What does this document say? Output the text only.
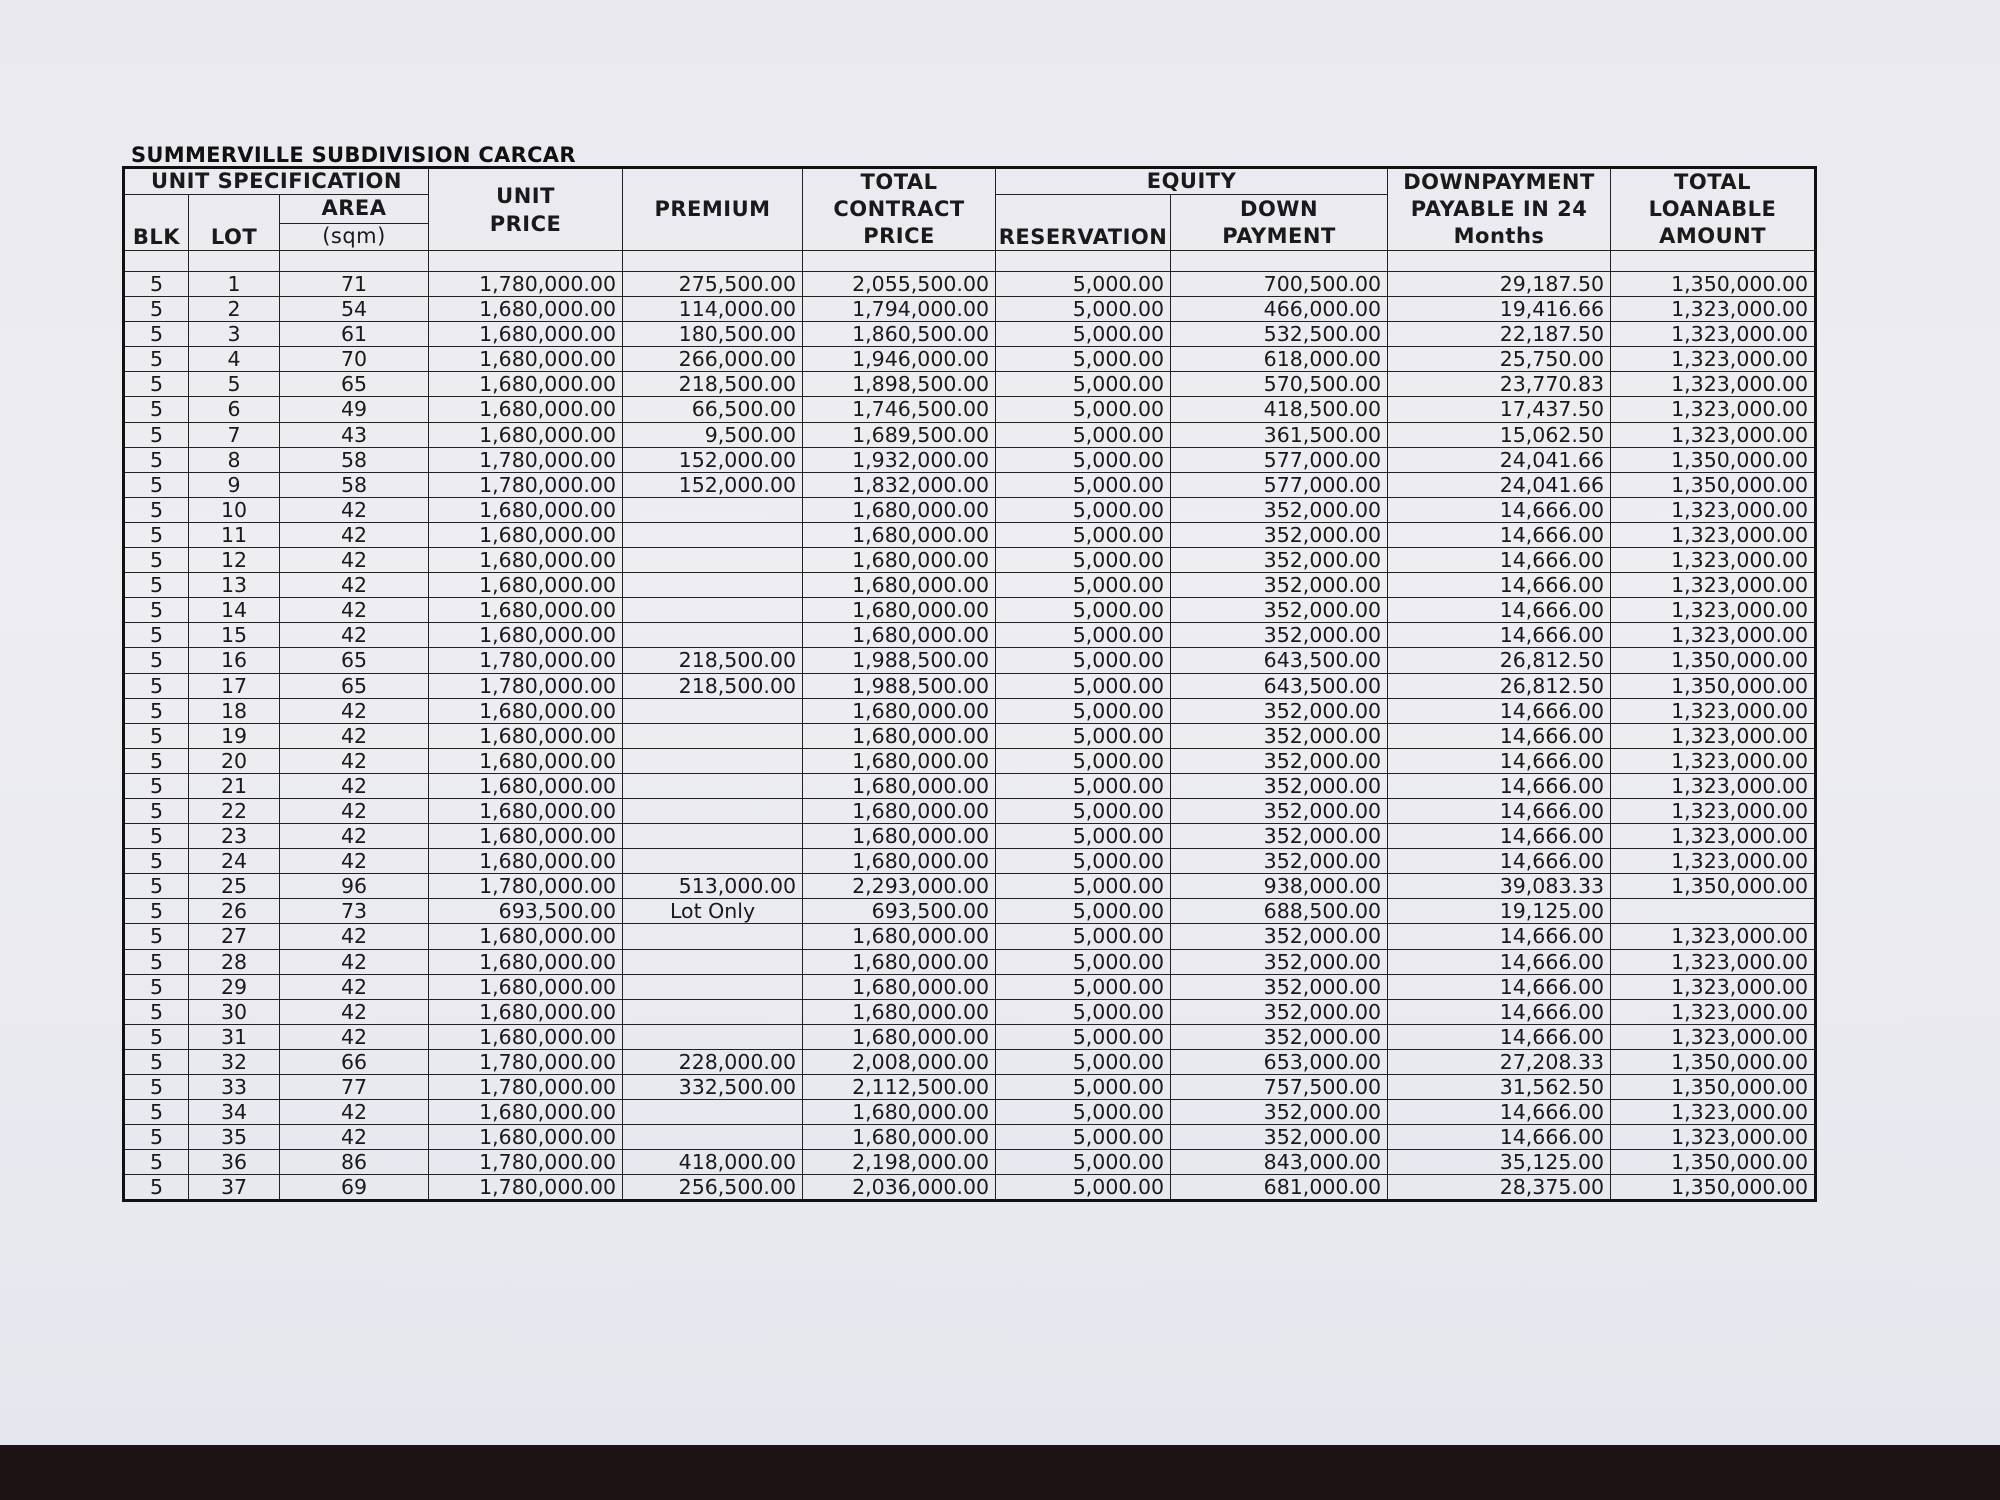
SUMMERVILLE SUBDIVISION CARCAR
UNIT SPECIFICATION			UNIT PRICE	PREMIUM	TOTAL CONTRACT PRICE	EQUITY		DOWNPAYMENT PAYABLE IN 24 Months	TOTAL LOANABLE AMOUNT
BLK	LOT	AREA				RESERVATION	DOWN PAYMENT		
		(sqm)							

5	1	71	1,780,000.00	275,500.00	2,055,500.00	5,000.00	700,500.00	29,187.50	1,350,000.00
5	2	54	1,680,000.00	114,000.00	1,794,000.00	5,000.00	466,000.00	19,416.66	1,323,000.00
5	3	61	1,680,000.00	180,500.00	1,860,500.00	5,000.00	532,500.00	22,187.50	1,323,000.00
5	4	70	1,680,000.00	266,000.00	1,946,000.00	5,000.00	618,000.00	25,750.00	1,323,000.00
5	5	65	1,680,000.00	218,500.00	1,898,500.00	5,000.00	570,500.00	23,770.83	1,323,000.00
5	6	49	1,680,000.00	66,500.00	1,746,500.00	5,000.00	418,500.00	17,437.50	1,323,000.00
5	7	43	1,680,000.00	9,500.00	1,689,500.00	5,000.00	361,500.00	15,062.50	1,323,000.00
5	8	58	1,780,000.00	152,000.00	1,932,000.00	5,000.00	577,000.00	24,041.66	1,350,000.00
5	9	58	1,780,000.00	152,000.00	1,832,000.00	5,000.00	577,000.00	24,041.66	1,350,000.00
5	10	42	1,680,000.00		1,680,000.00	5,000.00	352,000.00	14,666.00	1,323,000.00
5	11	42	1,680,000.00		1,680,000.00	5,000.00	352,000.00	14,666.00	1,323,000.00
5	12	42	1,680,000.00		1,680,000.00	5,000.00	352,000.00	14,666.00	1,323,000.00
5	13	42	1,680,000.00		1,680,000.00	5,000.00	352,000.00	14,666.00	1,323,000.00
5	14	42	1,680,000.00		1,680,000.00	5,000.00	352,000.00	14,666.00	1,323,000.00
5	15	42	1,680,000.00		1,680,000.00	5,000.00	352,000.00	14,666.00	1,323,000.00
5	16	65	1,780,000.00	218,500.00	1,988,500.00	5,000.00	643,500.00	26,812.50	1,350,000.00
5	17	65	1,780,000.00	218,500.00	1,988,500.00	5,000.00	643,500.00	26,812.50	1,350,000.00
5	18	42	1,680,000.00		1,680,000.00	5,000.00	352,000.00	14,666.00	1,323,000.00
5	19	42	1,680,000.00		1,680,000.00	5,000.00	352,000.00	14,666.00	1,323,000.00
5	20	42	1,680,000.00		1,680,000.00	5,000.00	352,000.00	14,666.00	1,323,000.00
5	21	42	1,680,000.00		1,680,000.00	5,000.00	352,000.00	14,666.00	1,323,000.00
5	22	42	1,680,000.00		1,680,000.00	5,000.00	352,000.00	14,666.00	1,323,000.00
5	23	42	1,680,000.00		1,680,000.00	5,000.00	352,000.00	14,666.00	1,323,000.00
5	24	42	1,680,000.00		1,680,000.00	5,000.00	352,000.00	14,666.00	1,323,000.00
5	25	96	1,780,000.00	513,000.00	2,293,000.00	5,000.00	938,000.00	39,083.33	1,350,000.00
5	26	73	693,500.00	Lot Only	693,500.00	5,000.00	688,500.00	19,125.00	
5	27	42	1,680,000.00		1,680,000.00	5,000.00	352,000.00	14,666.00	1,323,000.00
5	28	42	1,680,000.00		1,680,000.00	5,000.00	352,000.00	14,666.00	1,323,000.00
5	29	42	1,680,000.00		1,680,000.00	5,000.00	352,000.00	14,666.00	1,323,000.00
5	30	42	1,680,000.00		1,680,000.00	5,000.00	352,000.00	14,666.00	1,323,000.00
5	31	42	1,680,000.00		1,680,000.00	5,000.00	352,000.00	14,666.00	1,323,000.00
5	32	66	1,780,000.00	228,000.00	2,008,000.00	5,000.00	653,000.00	27,208.33	1,350,000.00
5	33	77	1,780,000.00	332,500.00	2,112,500.00	5,000.00	757,500.00	31,562.50	1,350,000.00
5	34	42	1,680,000.00		1,680,000.00	5,000.00	352,000.00	14,666.00	1,323,000.00
5	35	42	1,680,000.00		1,680,000.00	5,000.00	352,000.00	14,666.00	1,323,000.00
5	36	86	1,780,000.00	418,000.00	2,198,000.00	5,000.00	843,000.00	35,125.00	1,350,000.00
5	37	69	1,780,000.00	256,500.00	2,036,000.00	5,000.00	681,000.00	28,375.00	1,350,000.00
